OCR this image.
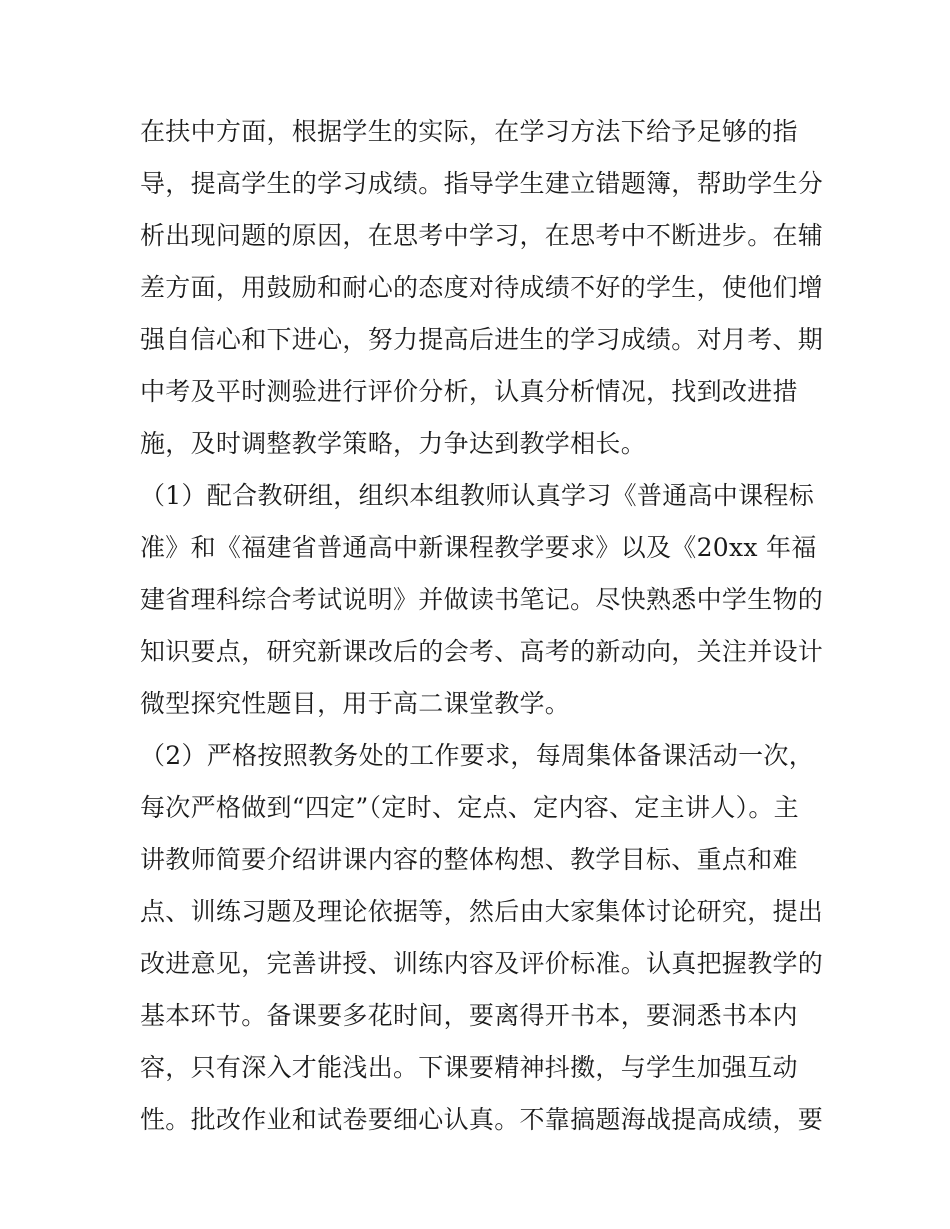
在扶中方面，根据学生的实际，在学习方法下给予足够的指
导，提高学生的学习成绩。指导学生建立错题簿，帮助学生分
析出现问题的原因，在思考中学习，在思考中不断进步。在辅
差方面，用鼓励和耐心的态度对待成绩不好的学生，使他们增
强自信心和下进心，努力提高后进生的学习成绩。对月考、期
中考及平时测验进行评价分析，认真分析情况，找到改进措
施，及时调整教学策略，力争达到教学相长。
（1）配合教研组，组织本组教师认真学习《普通高中课程标
准》和《福建省普通高中新课程教学要求》以及《20xx 年福
建省理科综合考试说明》并做读书笔记。尽快熟悉中学生物的
知识要点，研究新课改后的会考、高考的新动向，关注并设计
微型探究性题目，用于高二课堂教学。
（2）严格按照教务处的工作要求，每周集体备课活动一次，
每次严格做到“四定”（定时、定点、定内容、定主讲人）。主
讲教师简要介绍讲课内容的整体构想、教学目标、重点和难
点、训练习题及理论依据等，然后由大家集体讨论研究，提出
改进意见，完善讲授、训练内容及评价标准。认真把握教学的
基本环节。备课要多花时间，要离得开书本，要洞悉书本内
容，只有深入才能浅出。下课要精神抖擞，与学生加强互动
性。批改作业和试卷要细心认真。不靠搞题海战提高成绩，要
